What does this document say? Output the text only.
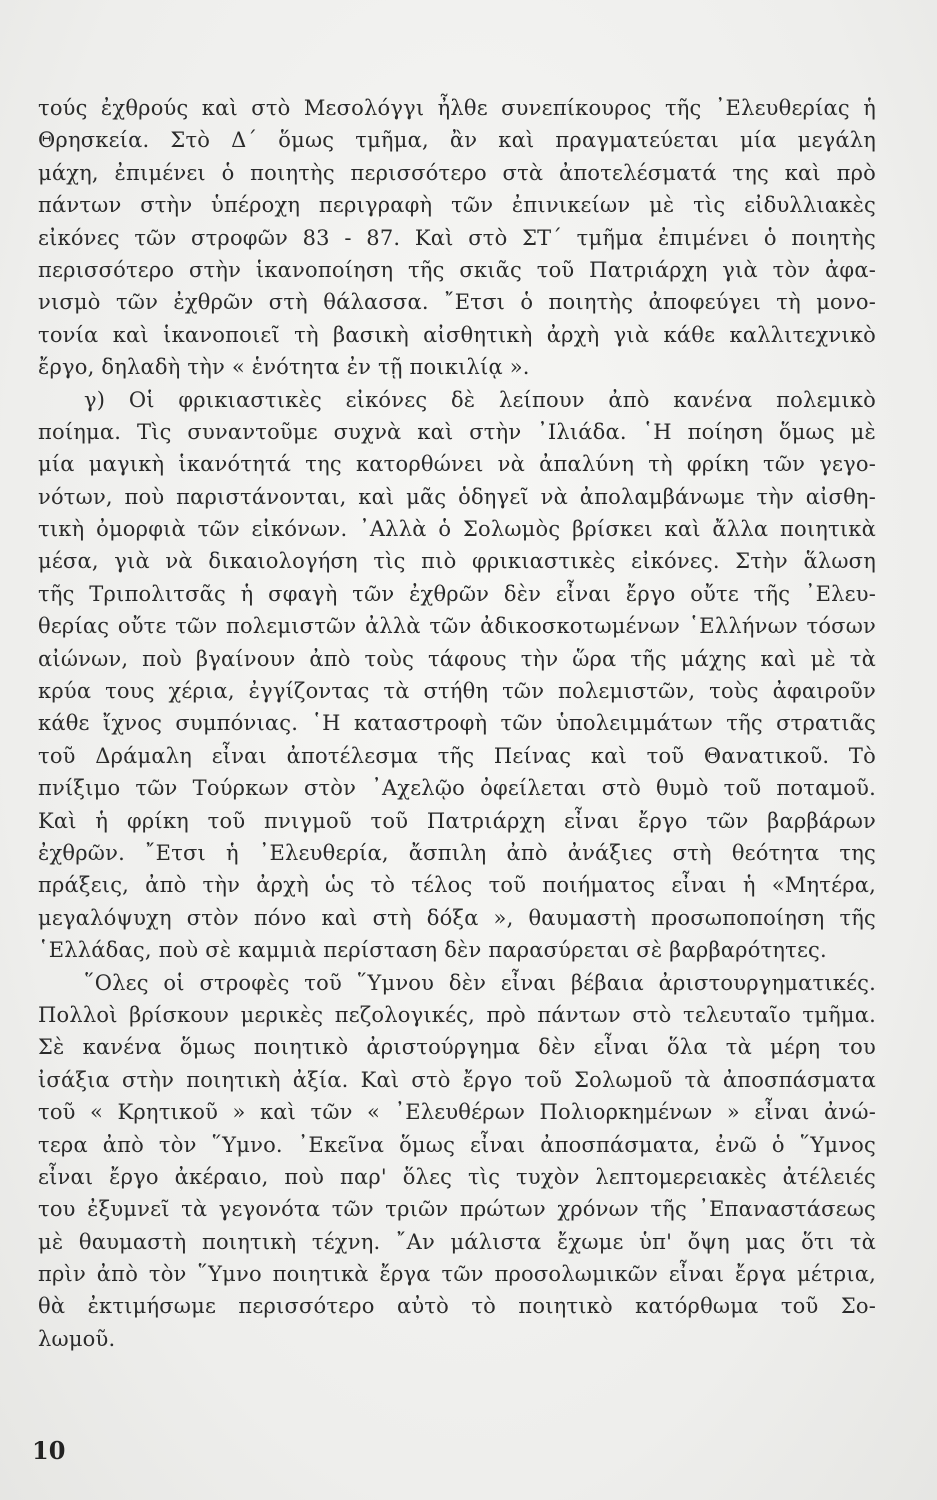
τούς ἐχθρούς καὶ στὸ Μεσολόγγι ἦλθε συνεπίκουρος τῆς ᾿Ελευθερίας ἡ
Θρησκεία. Στὸ Δ΄ ὅμως τμῆμα, ἂν καὶ πραγματεύεται μία μεγάλη
μάχη, ἐπιμένει ὁ ποιητὴς περισσότερο στὰ ἀποτελέσματά της καὶ πρὸ
πάντων στὴν ὑπέροχη περιγραφὴ τῶν ἐπινικείων μὲ τὶς εἰδυλλιακὲς
εἰκόνες τῶν στροφῶν 83 - 87. Καὶ στὸ ΣΤ΄ τμῆμα ἐπιμένει ὁ ποιητὴς
περισσότερο στὴν ἱκανοποίηση τῆς σκιᾶς τοῦ Πατριάρχη γιὰ τὸν ἀφα-
νισμὸ τῶν ἐχθρῶν στὴ θάλασσα. ῎Ετσι ὁ ποιητὴς ἀποφεύγει τὴ μονο-
τονία καὶ ἱκανοποιεῖ τὴ βασικὴ αἰσθητικὴ ἀρχὴ γιὰ κάθε καλλιτεχνικὸ
ἔργο, δηλαδὴ τὴν « ἑνότητα ἐν τῇ ποικιλίᾳ ».
γ) Οἱ φρικιαστικὲς εἰκόνες δὲ λείπουν ἀπὸ κανένα πολεμικὸ
ποίημα. Τὶς συναντοῦμε συχνὰ καὶ στὴν ᾿Ιλιάδα. ῾Η ποίηση ὅμως μὲ
μία μαγικὴ ἱκανότητά της κατορθώνει νὰ ἀπαλύνη τὴ φρίκη τῶν γεγο-
νότων, ποὺ παριστάνονται, καὶ μᾶς ὁδηγεῖ νὰ ἀπολαμβάνωμε τὴν αἰσθη-
τικὴ ὀμορφιὰ τῶν εἰκόνων. ᾿Αλλὰ ὁ Σολωμὸς βρίσκει καὶ ἄλλα ποιητικὰ
μέσα, γιὰ νὰ δικαιολογήση τὶς πιὸ φρικιαστικὲς εἰκόνες. Στὴν ἅλωση
τῆς Τριπολιτσᾶς ἡ σφαγὴ τῶν ἐχθρῶν δὲν εἶναι ἔργο οὔτε τῆς ᾿Ελευ-
θερίας οὔτε τῶν πολεμιστῶν ἀλλὰ τῶν ἀδικοσκοτωμένων ῾Ελλήνων τόσων
αἰώνων, ποὺ βγαίνουν ἀπὸ τοὺς τάφους τὴν ὥρα τῆς μάχης καὶ μὲ τὰ
κρύα τους χέρια, ἐγγίζοντας τὰ στήθη τῶν πολεμιστῶν, τοὺς ἀφαιροῦν
κάθε ἴχνος συμπόνιας. ῾Η καταστροφὴ τῶν ὑπολειμμάτων τῆς στρατιᾶς
τοῦ Δράμαλη εἶναι ἀποτέλεσμα τῆς Πείνας καὶ τοῦ Θανατικοῦ. Τὸ
πνίξιμο τῶν Τούρκων στὸν ᾿Αχελῷο ὀφείλεται στὸ θυμὸ τοῦ ποταμοῦ.
Καὶ ἡ φρίκη τοῦ πνιγμοῦ τοῦ Πατριάρχη εἶναι ἔργο τῶν βαρβάρων
ἐχθρῶν. ῎Ετσι ἡ ᾿Ελευθερία, ἄσπιλη ἀπὸ ἀνάξιες στὴ θεότητα της
πράξεις, ἀπὸ τὴν ἀρχὴ ὡς τὸ τέλος τοῦ ποιήματος εἶναι ἡ «Μητέρα,
μεγαλόψυχη στὸν πόνο καὶ στὴ δόξα », θαυμαστὴ προσωποποίηση τῆς
῾Ελλάδας, ποὺ σὲ καμμιὰ περίσταση δὲν παρασύρεται σὲ βαρβαρότητες.
῞Ολες οἱ στροφὲς τοῦ ῞Υμνου δὲν εἶναι βέβαια ἀριστουργηματικές.
Πολλοὶ βρίσκουν μερικὲς πεζολογικές, πρὸ πάντων στὸ τελευταῖο τμῆμα.
Σὲ κανένα ὅμως ποιητικὸ ἀριστούργημα δὲν εἶναι ὅλα τὰ μέρη του
ἰσάξια στὴν ποιητικὴ ἀξία. Καὶ στὸ ἔργο τοῦ Σολωμοῦ τὰ ἀποσπάσματα
τοῦ « Κρητικοῦ » καὶ τῶν « ᾿Ελευθέρων Πολιορκημένων » εἶναι ἀνώ-
τερα ἀπὸ τὸν ῞Υμνο. ᾿Εκεῖνα ὅμως εἶναι ἀποσπάσματα, ἐνῶ ὁ ῞Υμνος
εἶναι ἔργο ἀκέραιο, ποὺ παρ' ὅλες τὶς τυχὸν λεπτομερειακὲς ἀτέλειές
του ἐξυμνεῖ τὰ γεγονότα τῶν τριῶν πρώτων χρόνων τῆς ᾿Επαναστάσεως
μὲ θαυμαστὴ ποιητικὴ τέχνη. ῎Αν μάλιστα ἔχωμε ὑπ' ὄψη μας ὅτι τὰ
πρὶν ἀπὸ τὸν ῞Υμνο ποιητικὰ ἔργα τῶν προσολωμικῶν εἶναι ἔργα μέτρια,
θὰ ἐκτιμήσωμε περισσότερο αὐτὸ τὸ ποιητικὸ κατόρθωμα τοῦ Σο-
λωμοῦ.
10
